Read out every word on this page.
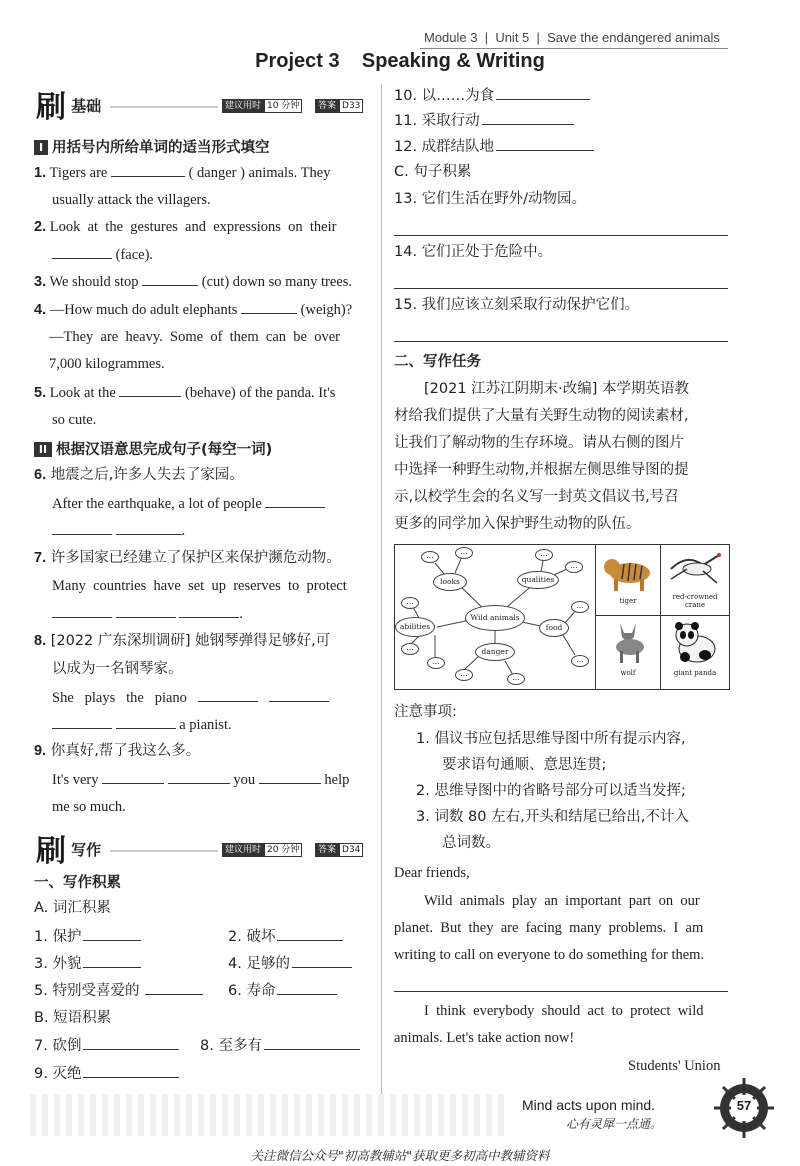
Module 3  |  Unit 5  |  Save the endangered animals
Project 3    Speaking & Writing
刷 基础	建议用时 10 分钟	答案 D33
I 用括号内所给单词的适当形式填空
1. Tigers are	( danger ) animals. They
usually attack the villagers.
2. Look  at  the  gestures  and  expressions  on  their
(face).
3. We should stop	(cut) down so many trees.
4. —How much do adult elephants	(weigh)?
—They  are  heavy.  Some  of  them  can  be  over
7,000 kilogrammes.
5. Look at the	(behave) of the panda. It's
so cute.
II 根据汉语意思完成句子(每空一词)
6. 地震之后,许多人失去了家园。
After the earthquake, a lot of people
.
7. 许多国家已经建立了保护区来保护濒危动物。
Many  countries  have  set  up  reserves  to  protect
.
8. [2022 广东深圳调研] 她钢琴弹得足够好,可
以成为一名钢琴家。
She   plays   the   piano
a pianist.
9. 你真好,帮了我这么多。
It's very	you	help
me so much.
刷 写作	建议用时 20 分钟	答案 D34
一、写作积累
A. 词汇积累
1. 保护	2. 破坏
3. 外貌	4. 足够的
5. 特别受喜爱的	6. 寿命
B. 短语积累
7. 砍倒	8. 至多有
9. 灭绝
10. 以……为食
11. 采取行动
12. 成群结队地
C. 句子积累
13. 它们生活在野外/动物园。
14. 它们正处于危险中。
15. 我们应该立刻采取行动保护它们。
二、写作任务
[2021 江苏江阴期末·改编] 本学期英语教
材给我们提供了大量有关野生动物的阅读素材,
让我们了解动物的生存环境。请从右侧的图片
中选择一种野生动物,并根据左侧思维导图的提
示,以校学生会的名义写一封英文倡议书,号召
更多的同学加入保护野生动物的队伍。
Wild animals
looks	qualities
abilities	food
danger
...	...	...
...
...
...
...
...
...
...	...
tiger	red-crowned crane
wolf	giant panda
注意事项:
1. 倡议书应包括思维导图中所有提示内容,
要求语句通顺、意思连贯;
2. 思维导图中的省略号部分可以适当发挥;
3. 词数 80 左右,开头和结尾已给出,不计入
总词数。
Dear friends,
Wild  animals  play  an  important  part  on  our
planet.  But  they  are  facing  many  problems.  I  am
writing to call on everyone to do something for them.
I  think  everybody  should  act  to  protect  wild
animals. Let's take action now!
Students' Union
Mind acts upon mind.
心有灵犀一点通。
57
关注微信公众号"初高教辅站"获取更多初高中教辅资料
